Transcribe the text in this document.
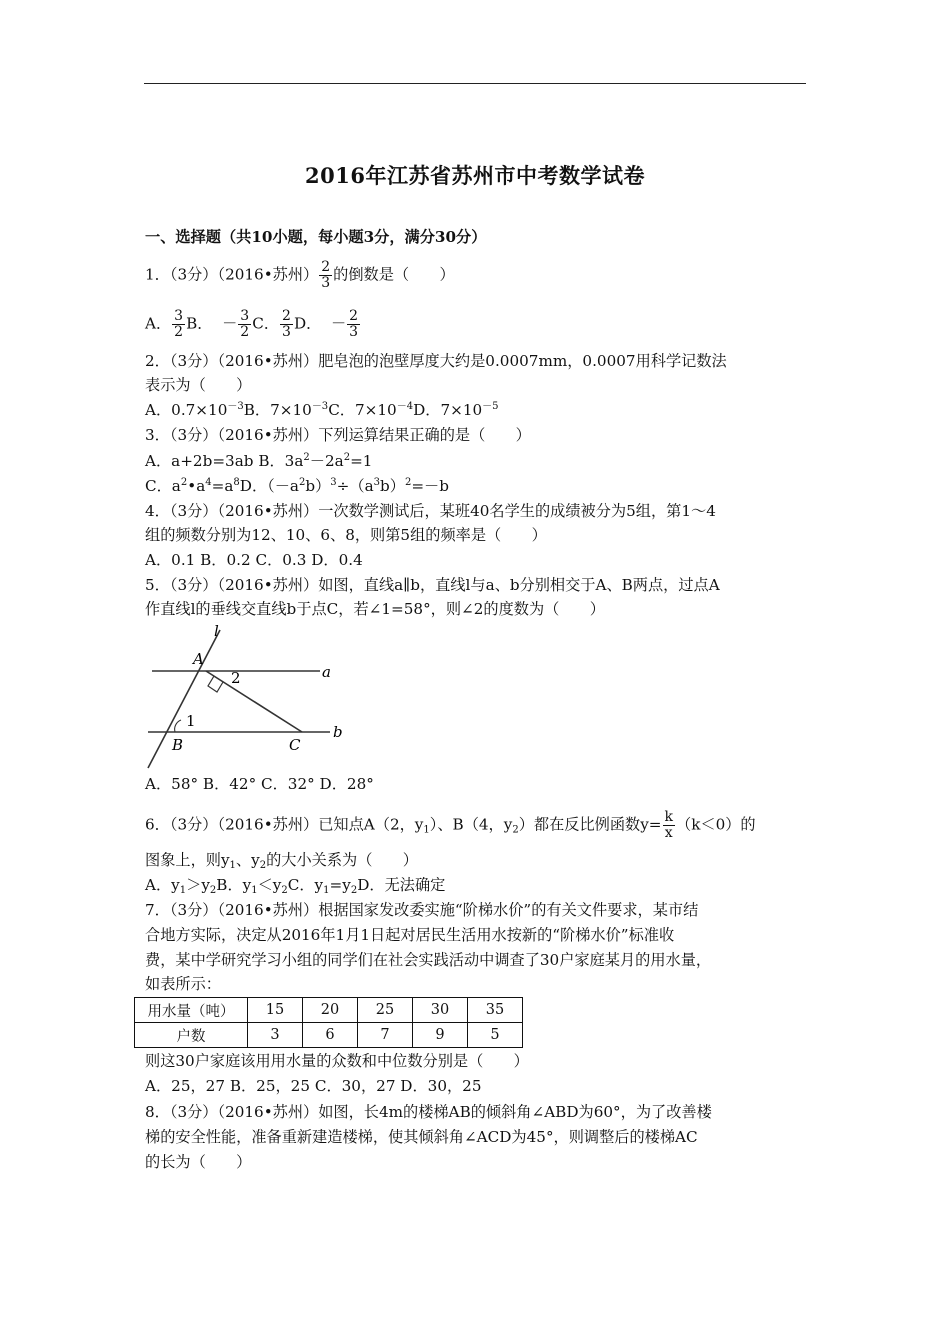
2016年江苏省苏州市中考数学试卷
一、选择题（共10小题，每小题3分，满分30分）
1．（3分）（2016•苏州） $\frac{2}{3}$ 的倒数是（　　）
A． $\frac{3}{2}$ B． － $\frac{3}{2}$ C． $\frac{2}{3}$ D． － $\frac{2}{3}$
2．（3分）（2016•苏州）肥皂泡的泡壁厚度大约是0.0007mm，0.0007用科学记数法
表示为（　　）
A．$0.7\times 10^{-3}B$．$7\times 10^{-3}C$．$7\times 10^{-4}D$．$7\times 10^{-5}$
3．（3分）（2016•苏州）下列运算结果正确的是（　　）
A．a+2b=3ab B．$3a^2-2a^2=1$
C．$a^2•a^4=a^8D$．$(-a^2b)^3\div(a^3b)^2=-b$
4．（3分）（2016•苏州）一次数学测试后，某班40名学生的成绩被分为5组，第1～4
组的频数分别为12、10、6、8，则第5组的频率是（　　）
A．0.1 B．0.2 C．0.3 D．0.4
5．（3分）（2016•苏州）如图，直线a∥b，直线l与a、b分别相交于A、B两点，过点A
作直线l的垂线交直线b于点C，若∠1=58°，则∠2的度数为（　　）
l
A
a
2
1
B	C
b
A．58° B．42° C．32° D．28°
6．（3分）（2016•苏州）已知点A（2，$y_1$）、B（4，$y_2$）都在反比例函数$y= \frac{k}{x} (k<0)$的
图象上，则$y_1$、$y_2$的大小关系为（　　）
A．$y_1>y_2B$．$y_1<y_2C$．$y_1=y_2D$．无法确定
7．（3分）（2016•苏州）根据国家发改委实施“阶梯水价”的有关文件要求，某市结
合地方实际，决定从2016年1月1日起对居民生活用水按新的“阶梯水价”标准收
费，某中学研究学习小组的同学们在社会实践活动中调查了30户家庭某月的用水量，
如表所示：
用水量（吨）	15	20	25	30	35
户数	3	6	7	9	5
则这30户家庭该用用水量的众数和中位数分别是（　　）
A．25，27 B．25，25 C．30，27 D．30，25
8．（3分）（2016•苏州）如图，长4m的楼梯AB的倾斜角∠ABD为60°，为了改善楼
梯的安全性能，准备重新建造楼梯，使其倾斜角∠ACD为45°，则调整后的楼梯AC
的长为（　　）
